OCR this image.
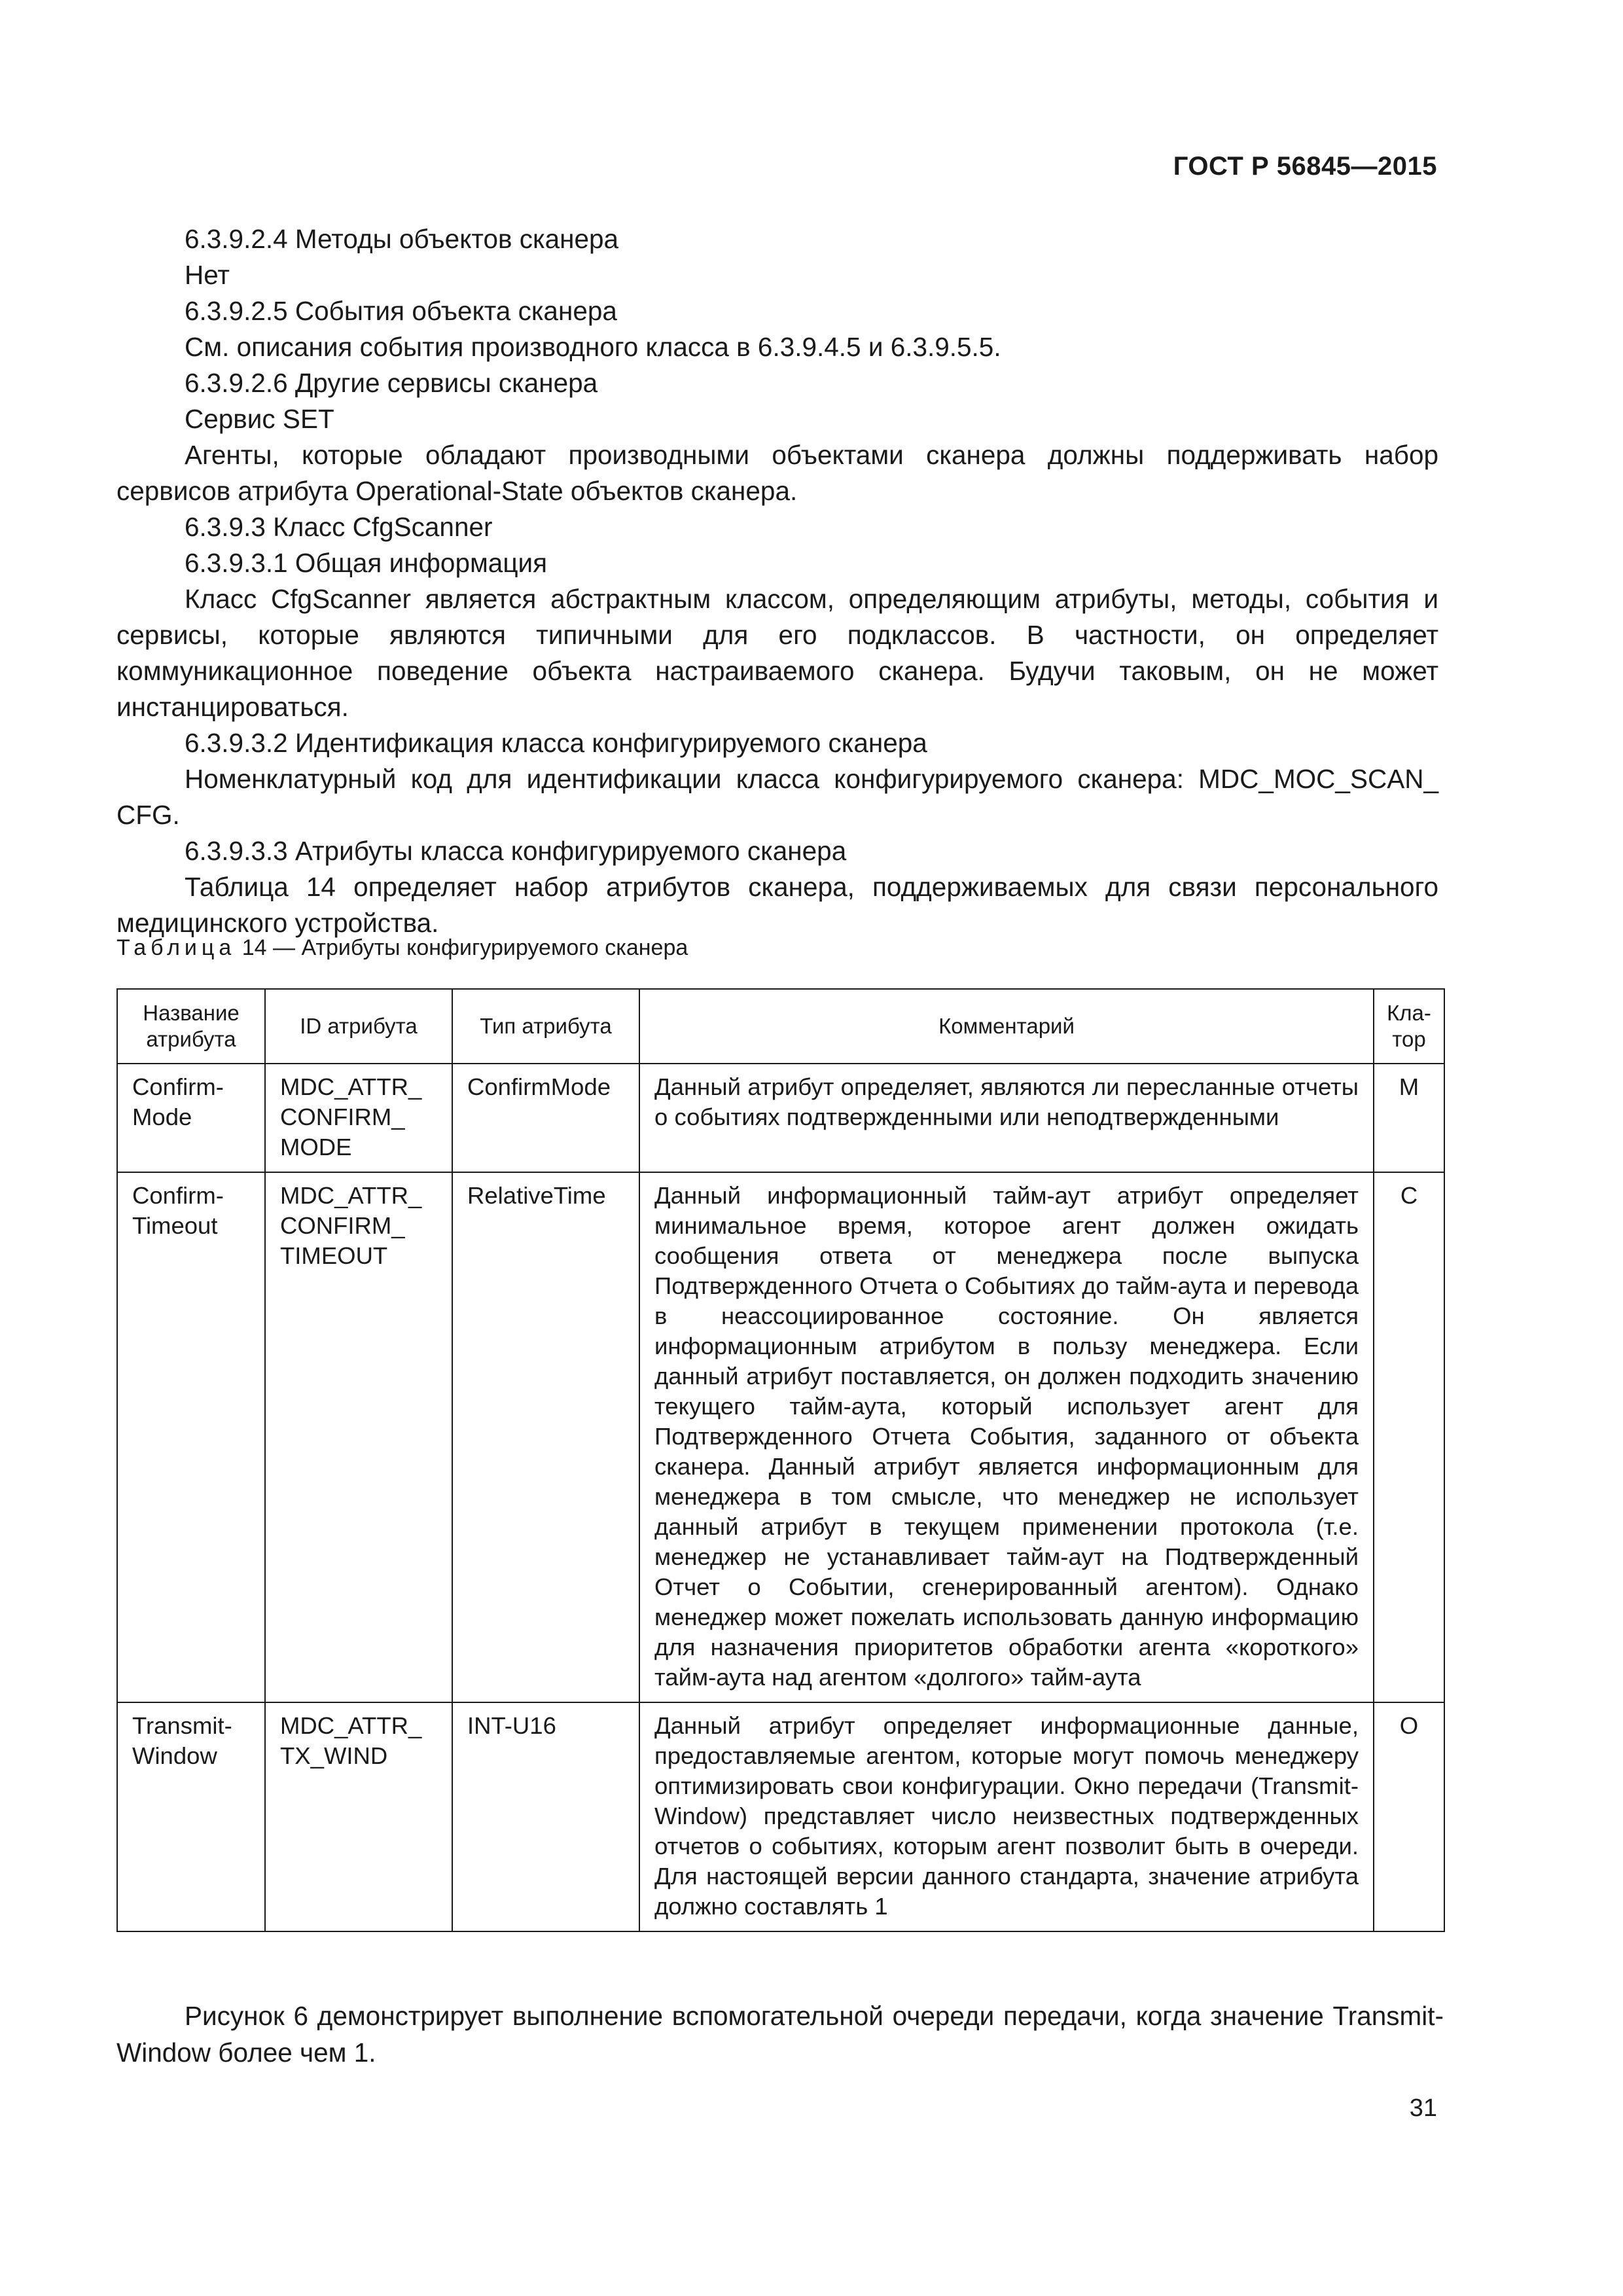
ГОСТ Р 56845—2015

6.3.9.2.4 Методы объектов сканера

Нет

6.3.9.2.5 События объекта сканера

См. описания события производного класса в 6.3.9.4.5 и 6.3.9.5.5.

6.3.9.2.6 Другие сервисы сканера

Сервис SET

Агенты, которые обладают производными объектами сканера должны поддерживать набор сервисов атрибута Operational-State объектов сканера.

6.3.9.3 Класс CfgScanner

6.3.9.3.1 Общая информация

Класс CfgScanner является абстрактным классом, определяющим атрибуты, методы, события и сервисы, которые являются типичными для его подклассов. В частности, он определяет коммуникационное поведение объекта настраиваемого сканера. Будучи таковым, он не может инстанцироваться.

6.3.9.3.2 Идентификация класса конфигурируемого сканера

Номенклатурный код для идентификации класса конфигурируемого сканера: MDC_MOC_SCAN_ CFG.

6.3.9.3.3 Атрибуты класса конфигурируемого сканера

Таблица 14 определяет набор атрибутов сканера, поддерживаемых для связи персонального медицинского устройства.

Таблица 14 — Атрибуты конфигурируемого сканера
Название атрибута	ID атрибута	Тип атрибута	Комментарий	Кла-тор
Confirm-Mode	MDC_ATTR_ CONFIRM_ MODE	ConfirmMode	Данный атрибут определяет, являются ли пересланные отчеты о событиях подтвержденными или неподтвержденными	M
Confirm-Timeout	MDC_ATTR_ CONFIRM_ TIMEOUT	RelativeTime	Данный информационный тайм-аут атрибут определяет минимальное время, которое агент должен ожидать сообщения ответа от менеджера после выпуска Подтвержденного Отчета о Событиях до тайм-аута и перевода в неассоциированное состояние. Он является информационным атрибутом в пользу менеджера. Если данный атрибут поставляется, он должен подходить значению текущего тайм-аута, который использует агент для Подтвержденного Отчета События, заданного от объекта сканера. Данный атрибут является информационным для менеджера в том смысле, что менеджер не использует данный атрибут в текущем применении протокола (т.е. менеджер не устанавливает тайм-аут на Подтвержденный Отчет о Событии, сгенерированный агентом). Однако менеджер может пожелать использовать данную информацию для назначения приоритетов обработки агента «короткого» тайм-аута над агентом «долгого» тайм-аута	C
Transmit-Window	MDC_ATTR_ TX_WIND	INT-U16	Данный атрибут определяет информационные данные, предоставляемые агентом, которые могут помочь менеджеру оптимизировать свои конфигурации. Окно передачи (Transmit-Window) представляет число неизвестных подтвержденных отчетов о событиях, которым агент позволит быть в очереди. Для настоящей версии данного стандарта, значение атрибута должно составлять 1	O

Рисунок 6 демонстрирует выполнение вспомогательной очереди передачи, когда значение Transmit-Window более чем 1.

31
